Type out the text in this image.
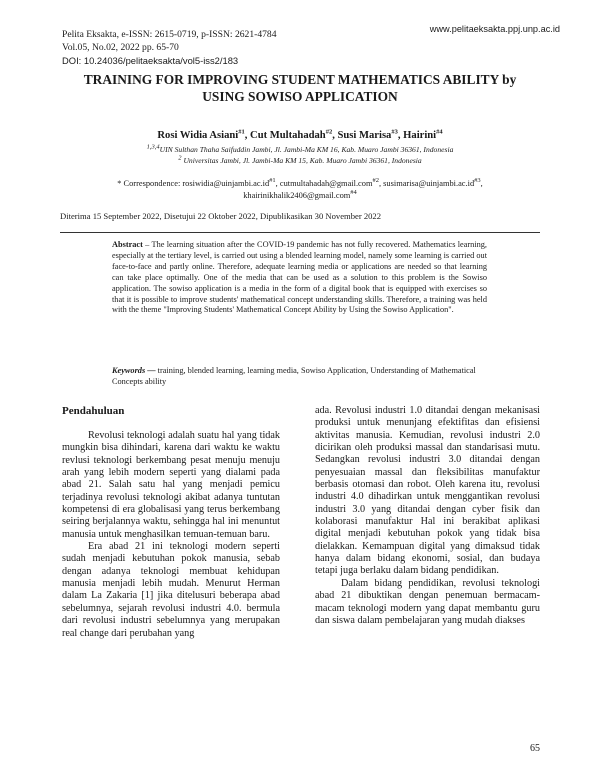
Pelita Eksakta, e-ISSN: 2615-0719, p-ISSN: 2621-4784
Vol.05, No.02, 2022 pp. 65-70
DOI: 10.24036/pelitaeksakta/vol5-iss2/183
www.pelitaeksakta.ppj.unp.ac.id
TRAINING FOR IMPROVING STUDENT MATHEMATICS ABILITY by
USING SOWISO APPLICATION
Rosi Widia Asiani$^{\#1}$, Cut Multahadah$^{\#2}$, Susi Marisa$^{\#3}$, Hairini$^{\#4}$
$^{1,3,4}$UIN Sulthan Thaha Saifuddin Jambi, Jl. Jambi-Ma KM 16, Kab. Muaro Jambi 36361, Indonesia
$^2$ Universitas Jambi, Jl. Jambi-Ma KM 15, Kab. Muaro Jambi 36361, Indonesia
* Correspondence: $rosiwidia@uinjambi.ac.id^{\#1}$, cutmultahadah@gmail.com$^{\#2}$, $susimarisa@uinjambi.ac.id^{\#3}$,
khairinikhalik2406@gmail.com$^{\#4}$
Diterima 15 September 2022, Disetujui 22 Oktober 2022, Dipublikasikan 30 November 2022
Abstract – The learning situation after the COVID-19 pandemic has not fully recovered. Mathematics learning, especially at the tertiary level, is carried out using a blended learning model, namely some learning is carried out face-to-face and partly online. Therefore, adequate learning media or applications are needed so that learning can take place optimally. One of the media that can be used as a solution to this problem is the Sowiso application. The sowiso application is a media in the form of a digital book that is equipped with exercises so that it is possible to improve students' mathematical concept understanding skills. Therefore, a training was held with the theme "Improving Students' Mathematical Concept Ability by Using the Sowiso Application".
Keywords — training, blended learning, learning media, Sowiso Application, Understanding of Mathematical Concepts ability
Pendahuluan

Revolusi teknologi adalah suatu hal yang tidak mungkin bisa dihindari, karena dari waktu ke waktu revlusi teknologi berkembang pesat menuju menuju arah yang lebih modern seperti yang dialami pada abad 21. Salah satu hal yang menjadi pemicu terjadinya revolusi teknologi akibat adanya tuntutan kompetensi di era globalisasi yang terus berkembang seiring berjalannya waktu, sehingga hal ini menuntut manusia untuk menghasilkan temuan-temuan baru.

Era abad 21 ini teknologi modern seperti sudah menjadi kebutuhan pokok manusia, sebab dengan adanya teknologi membuat kehidupan manusia menjadi lebih mudah. Menurut Herman dalam La Zakaria [1] jika ditelusuri beberapa abad sebelumnya, sejarah revolusi industri 4.0. bermula dari revolusi industri sebelumnya yang merupakan real change dari perubahan yang

ada. Revolusi industri 1.0 ditandai dengan mekanisasi produksi untuk menunjang efektifitas dan efisiensi aktivitas manusia. Kemudian, revolusi industri 2.0 dicirikan oleh produksi massal dan standarisasi mutu. Sedangkan revolusi industri 3.0 ditandai dengan penyesuaian massal dan fleksibilitas manufaktur berbasis otomasi dan robot. Oleh karena itu, revolusi industri 4.0 dihadirkan untuk menggantikan revolusi industri 3.0 yang ditandai dengan cyber fisik dan kolaborasi manufaktur Hal ini berakibat aplikasi digital menjadi kebutuhan pokok yang tidak bisa dielakkan. Kemampuan digital yang dimaksud tidak hanya dalam bidang ekonomi, sosial, dan budaya tetapi juga berlaku dalam bidang pendidikan.

Dalam bidang pendidikan, revolusi teknologi abad 21 dibuktikan dengan penemuan bermacam-macam teknologi modern yang dapat membantu guru dan siswa dalam pembelajaran yang mudah diakses

65
